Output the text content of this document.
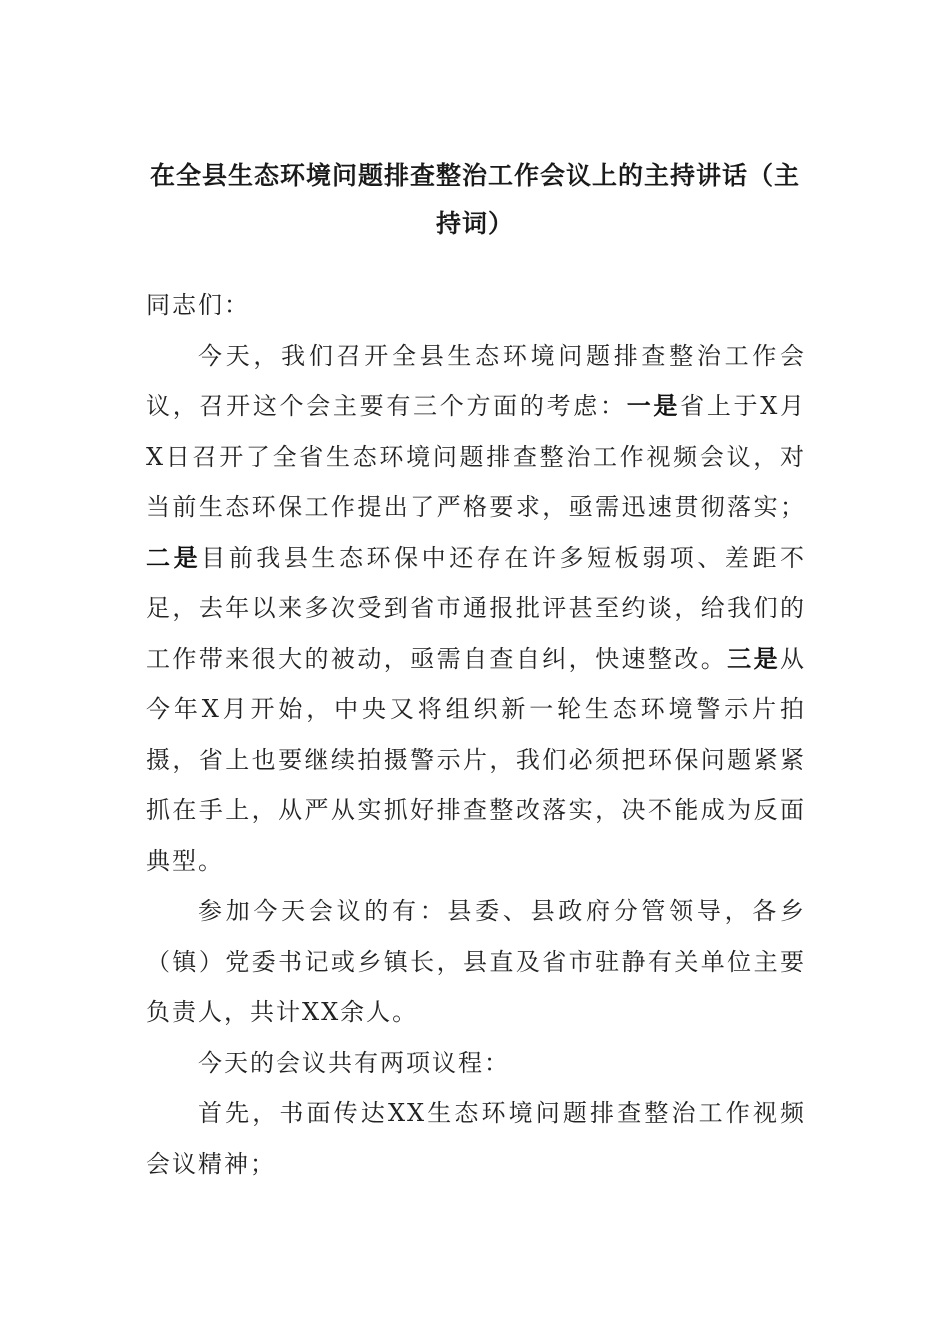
在全县生态环境问题排查整治工作会议上的主持讲话（主
持词）

同志们：

今天，我们召开全县生态环境问题排查整治工作会议，召开这个会主要有三个方面的考虑：一是省上于X月X日召开了全省生态环境问题排查整治工作视频会议，对当前生态环保工作提出了严格要求，亟需迅速贯彻落实；二是目前我县生态环保中还存在许多短板弱项、差距不足，去年以来多次受到省市通报批评甚至约谈，给我们的工作带来很大的被动，亟需自查自纠，快速整改。三是从今年X月开始，中央又将组织新一轮生态环境警示片拍摄，省上也要继续拍摄警示片，我们必须把环保问题紧紧抓在手上，从严从实抓好排查整改落实，决不能成为反面典型。

参加今天会议的有：县委、县政府分管领导，各乡（镇）党委书记或乡镇长，县直及省市驻静有关单位主要负责人，共计XX余人。

今天的会议共有两项议程：

首先，书面传达XX生态环境问题排查整治工作视频会议精神；
